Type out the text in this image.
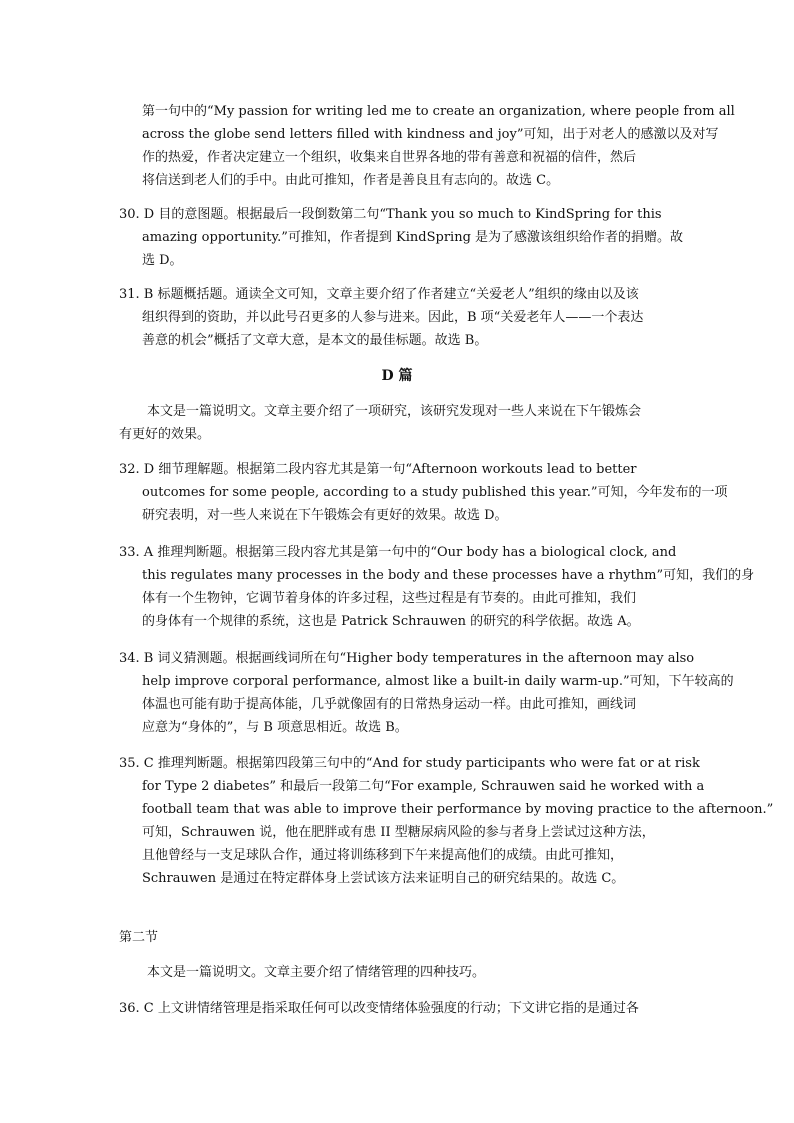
第一句中的“My passion for writing led me to create an organization, where people from all
across the globe send letters filled with kindness and joy”可知，出于对老人的感激以及对写
作的热爱，作者决定建立一个组织，收集来自世界各地的带有善意和祝福的信件，然后
将信送到老人们的手中。由此可推知，作者是善良且有志向的。故选 C。
30. D 目的意图题。根据最后一段倒数第二句“Thank you so much to KindSpring for this
amazing opportunity.”可推知，作者提到 KindSpring 是为了感激该组织给作者的捐赠。故
选 D。
31. B 标题概括题。通读全文可知，文章主要介绍了作者建立“关爱老人”组织的缘由以及该
组织得到的资助，并以此号召更多的人参与进来。因此，B 项“关爱老年人——一个表达
善意的机会”概括了文章大意，是本文的最佳标题。故选 B。
D 篇
本文是一篇说明文。文章主要介绍了一项研究，该研究发现对一些人来说在下午锻炼会
有更好的效果。
32. D 细节理解题。根据第二段内容尤其是第一句“Afternoon workouts lead to better
outcomes for some people, according to a study published this year.”可知，今年发布的一项
研究表明，对一些人来说在下午锻炼会有更好的效果。故选 D。
33. A 推理判断题。根据第三段内容尤其是第一句中的“Our body has a biological clock, and
this regulates many processes in the body and these processes have a rhythm”可知，我们的身
体有一个生物钟，它调节着身体的许多过程，这些过程是有节奏的。由此可推知，我们
的身体有一个规律的系统，这也是 Patrick Schrauwen 的研究的科学依据。故选 A。
34. B 词义猜测题。根据画线词所在句“Higher body temperatures in the afternoon may also
help improve corporal performance, almost like a built-in daily warm-up.”可知，下午较高的
体温也可能有助于提高体能，几乎就像固有的日常热身运动一样。由此可推知，画线词
应意为“身体的”，与 B 项意思相近。故选 B。
35. C 推理判断题。根据第四段第三句中的“And for study participants who were fat or at risk
for Type 2 diabetes” 和最后一段第二句“For example, Schrauwen said he worked with a
football team that was able to improve their performance by moving practice to the afternoon.”
可知，Schrauwen 说，他在肥胖或有患 II 型糖尿病风险的参与者身上尝试过这种方法，
且他曾经与一支足球队合作，通过将训练移到下午来提高他们的成绩。由此可推知，
Schrauwen 是通过在特定群体身上尝试该方法来证明自己的研究结果的。故选 C。
第二节
本文是一篇说明文。文章主要介绍了情绪管理的四种技巧。
36. C 上文讲情绪管理是指采取任何可以改变情绪体验强度的行动；下文讲它指的是通过各
